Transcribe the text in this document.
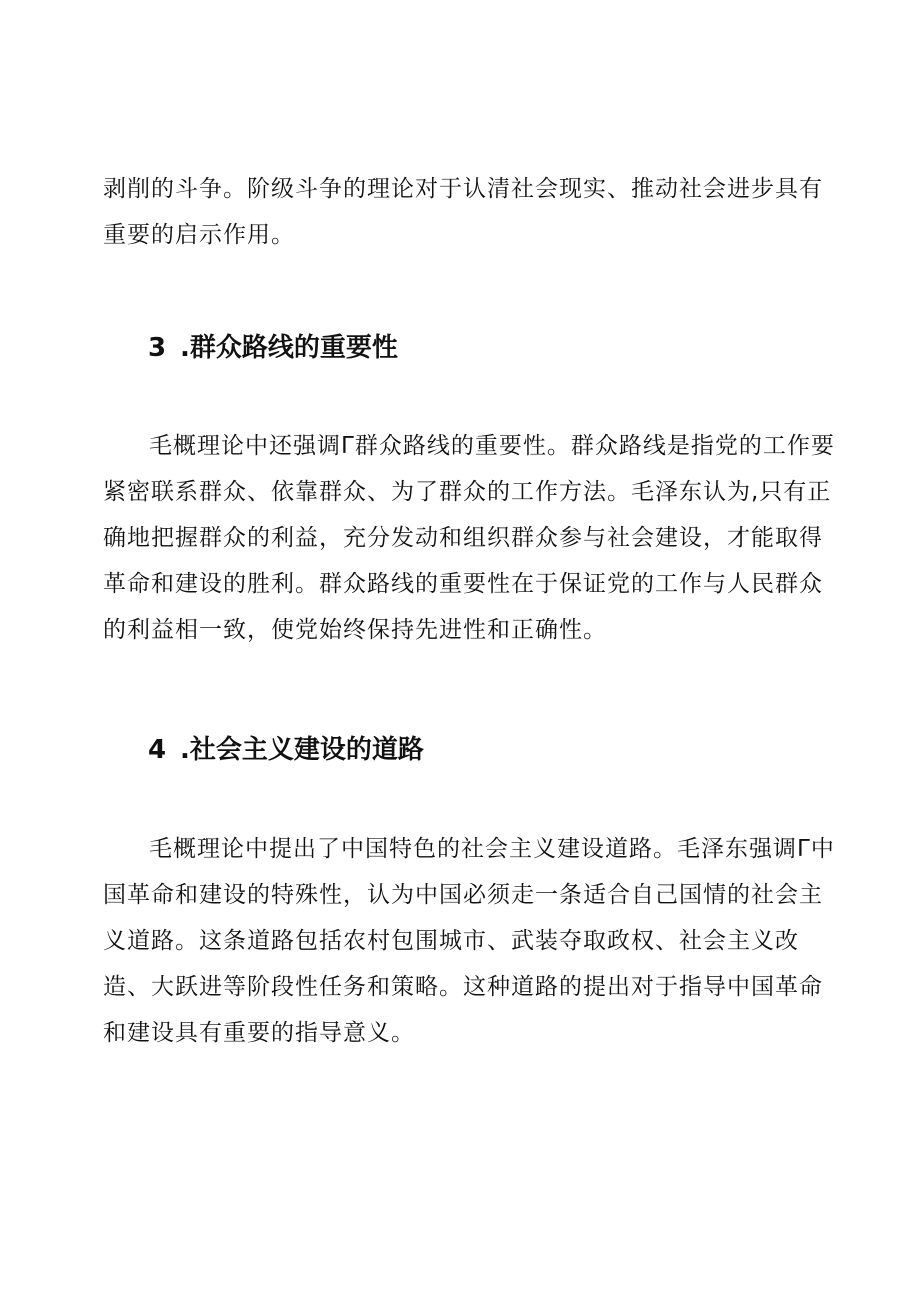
剥削的斗争。阶级斗争的理论对于认清社会现实、推动社会进步具有
重要的启示作用。

3 .群众路线的重要性

毛概理论中还强调Γ群众路线的重要性。群众路线是指党的工作要
紧密联系群众、依靠群众、为了群众的工作方法。毛泽东认为,只有正
确地把握群众的利益，充分发动和组织群众参与社会建设，才能取得
革命和建设的胜利。群众路线的重要性在于保证党的工作与人民群众
的利益相一致，使党始终保持先进性和正确性。

4 .社会主义建设的道路

毛概理论中提出了中国特色的社会主义建设道路。毛泽东强调Γ中
国革命和建设的特殊性，认为中国必须走一条适合自己国情的社会主
义道路。这条道路包括农村包围城市、武装夺取政权、社会主义改
造、大跃进等阶段性任务和策略。这种道路的提出对于指导中国革命
和建设具有重要的指导意义。
